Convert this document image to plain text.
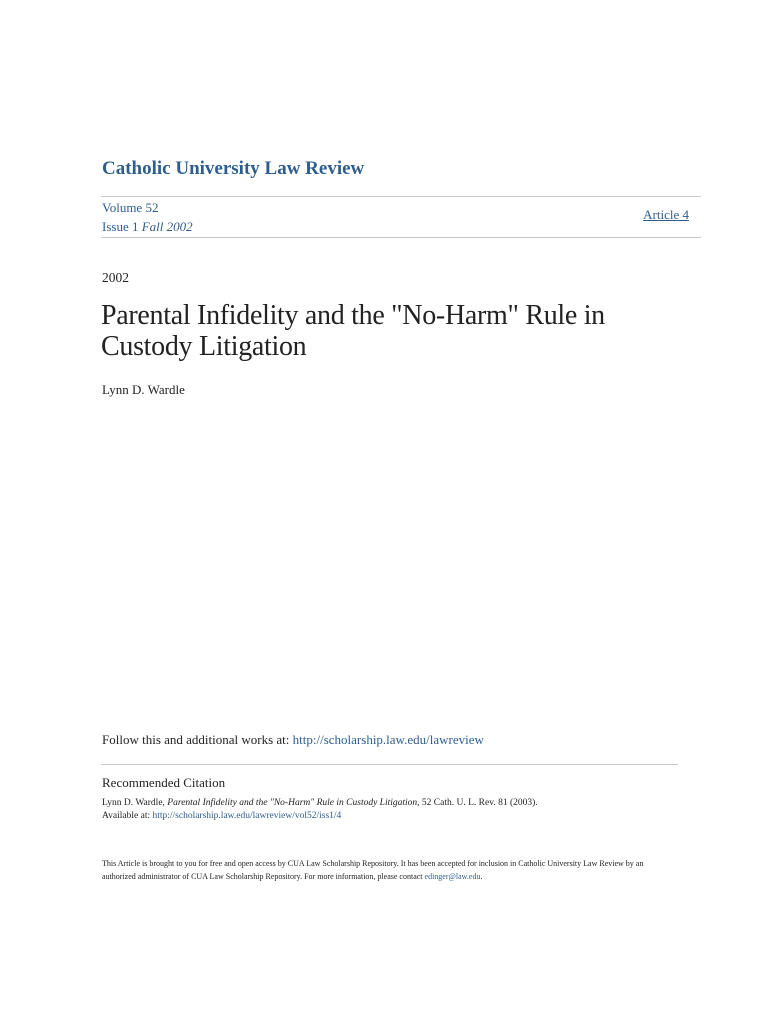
Catholic University Law Review
Volume 52
Issue 1 Fall 2002
Article 4
2002
Parental Infidelity and the "No-Harm" Rule in Custody Litigation
Lynn D. Wardle
Follow this and additional works at: http://scholarship.law.edu/lawreview
Recommended Citation
Lynn D. Wardle, Parental Infidelity and the "No-Harm" Rule in Custody Litigation, 52 Cath. U. L. Rev. 81 (2003).
Available at: http://scholarship.law.edu/lawreview/vol52/iss1/4
This Article is brought to you for free and open access by CUA Law Scholarship Repository. It has been accepted for inclusion in Catholic University Law Review by an authorized administrator of CUA Law Scholarship Repository. For more information, please contact edinger@law.edu.
